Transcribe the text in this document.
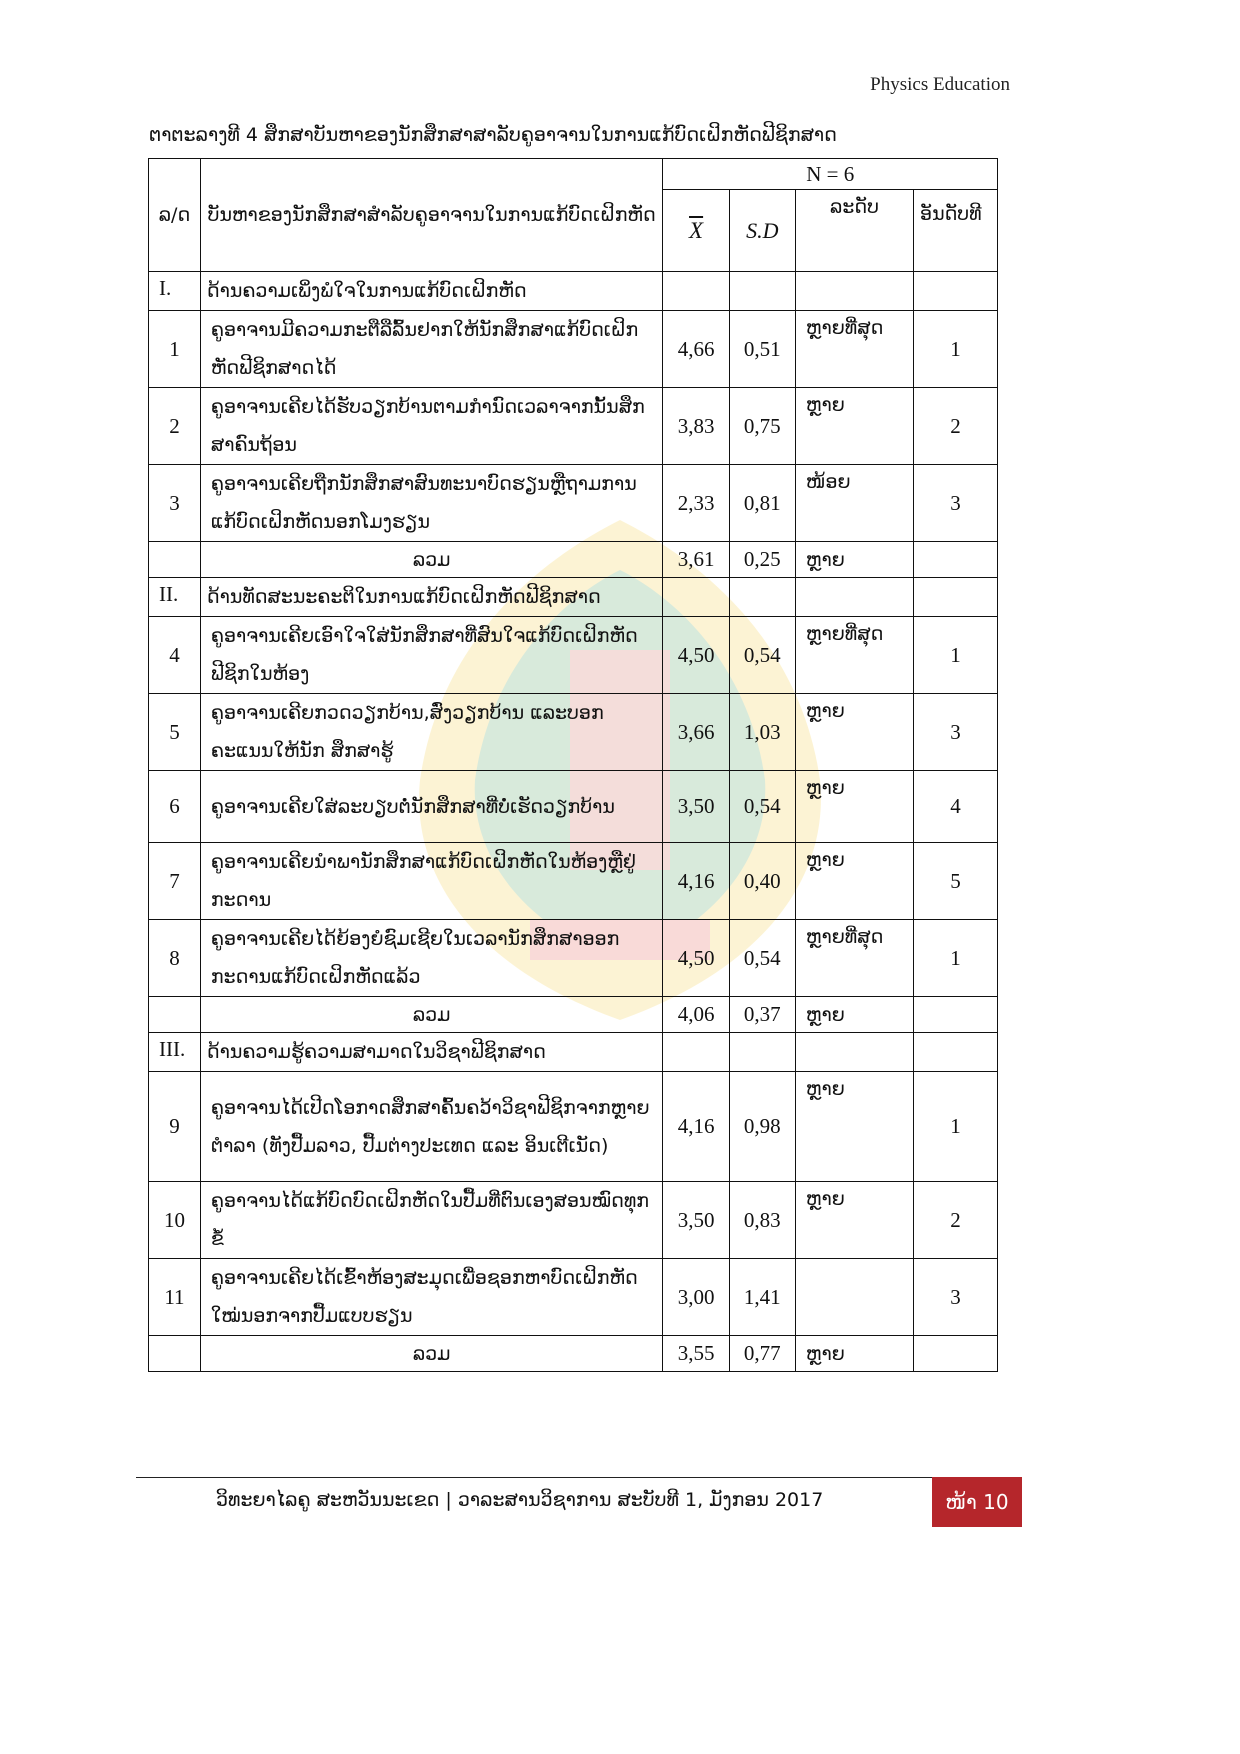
Physics Education
ຕາຕະລາງທີ 4 ສຶກສາບັນຫາຂອງນັກສຶກສາສາລັບຄູອາຈານໃນການແກ້ບົດເຝິກຫັດຟີຊິກສາດ
ລ/ດ	ບັນຫາຂອງນັກສຶກສາສຳລັບຄູອາຈານໃນການແກ້ບົດເຝິກຫັດ	N = 6			
		$\overline{X}$	S.D	ລະດັບ	ອັນດັບທີ
I.	ດ້ານຄວາມເພິ່ງພໍໃຈໃນການແກ້ບົດເຝິກຫັດ				
1	ຄູອາຈານມີຄວາມກະຕືລືລົ້ນຢາກໃຫ້ນັກສຶກສາແກ້ບົດເຝິກຫັດຟີຊິກສາດໄດ້	4,66	0,51	ຫຼາຍທີ່ສຸດ	1
2	ຄູອາຈານເຄີຍໄດ້ຮັບວຽກບ້ານຕາມກຳນົດເວລາຈາກນັ້ນສຶກສາຄົນຖ້ອນ	3,83	0,75	ຫຼາຍ	2
3	ຄູອາຈານເຄີຍຖືກນັກສຶກສາສົນທະນາບົດຮຽນຫຼືຖາມການແກ້ບົດເຝິກຫັດນອກໂມງຮຽນ	2,33	0,81	ໜ້ອຍ	3
	ລວມ	3,61	0,25	ຫຼາຍ	
II.	ດ້ານທັດສະນະຄະຕິໃນການແກ້ບົດເຝິກຫັດຟີຊິກສາດ				
4	ຄູອາຈານເຄີຍເອົາໃຈໃສ່ນັກສຶກສາທີ່ສົນໃຈແກ້ບົດເຝິກຫັດຟີຊິກໃນຫ້ອງ	4,50	0,54	ຫຼາຍທີ່ສຸດ	1
5	ຄູອາຈານເຄີຍກວດວຽກບ້ານ,ສົ່ງວຽກບ້ານ ແລະບອກຄະແນນໃຫ້ນັກ ສຶກສາຮູ້	3,66	1,03	ຫຼາຍ	3
6	ຄູອາຈານເຄີຍໃສ່ລະບຽບຕໍ່ນັກສຶກສາທີ່ບໍ່ເຮັດວຽກບ້ານ	3,50	0,54	ຫຼາຍ	4
7	ຄູອາຈານເຄີຍນຳພານັກສຶກສາແກ້ບົດເຝິກຫັດໃນຫ້ອງຫຼືຢູ່ກະດານ	4,16	0,40	ຫຼາຍ	5
8	ຄູອາຈານເຄີຍໄດ້ຍ້ອງຍໍຊົມເຊີຍໃນເວລານັກສຶກສາອອກກະດານແກ້ບົດເຝິກຫັດແລ້ວ	4,50	0,54	ຫຼາຍທີ່ສຸດ	1
	ລວມ	4,06	0,37	ຫຼາຍ	
III.	ດ້ານຄວາມຮູ້ຄວາມສາມາດໃນວິຊາຟີຊິກສາດ				
9	ຄູອາຈານໄດ້ເປີດໂອກາດສຶກສາຄົ້ນຄວ້າວິຊາຟີຊິກຈາກຫຼາຍຕຳລາ (ທັງປື້ມລາວ, ປື້ມຕ່າງປະເທດ ແລະ ອິນເຕີເນັດ)	4,16	0,98	ຫຼາຍ	1
10	ຄູອາຈານໄດ້ແກ້ບົດບົດເຝິກຫັດໃນປື້ມທີ່ຕົນເອງສອນໝົດທຸກຂໍ້	3,50	0,83	ຫຼາຍ	2
11	ຄູອາຈານເຄີຍໄດ້ເຂົ້າຫ້ອງສະມຸດເພື່ອຊອກຫາບົດເຝິກຫັດໃໝ່ນອກຈາກປື້ມແບບຮຽນ	3,00	1,41		3
	ລວມ	3,55	0,77	ຫຼາຍ	
ວິທະຍາໄລຄູ ສະຫວັນນະເຂດ | ວາລະສານວິຊາການ ສະບັບທີ 1, ມັງກອນ 2017	ໜ້າ 10
